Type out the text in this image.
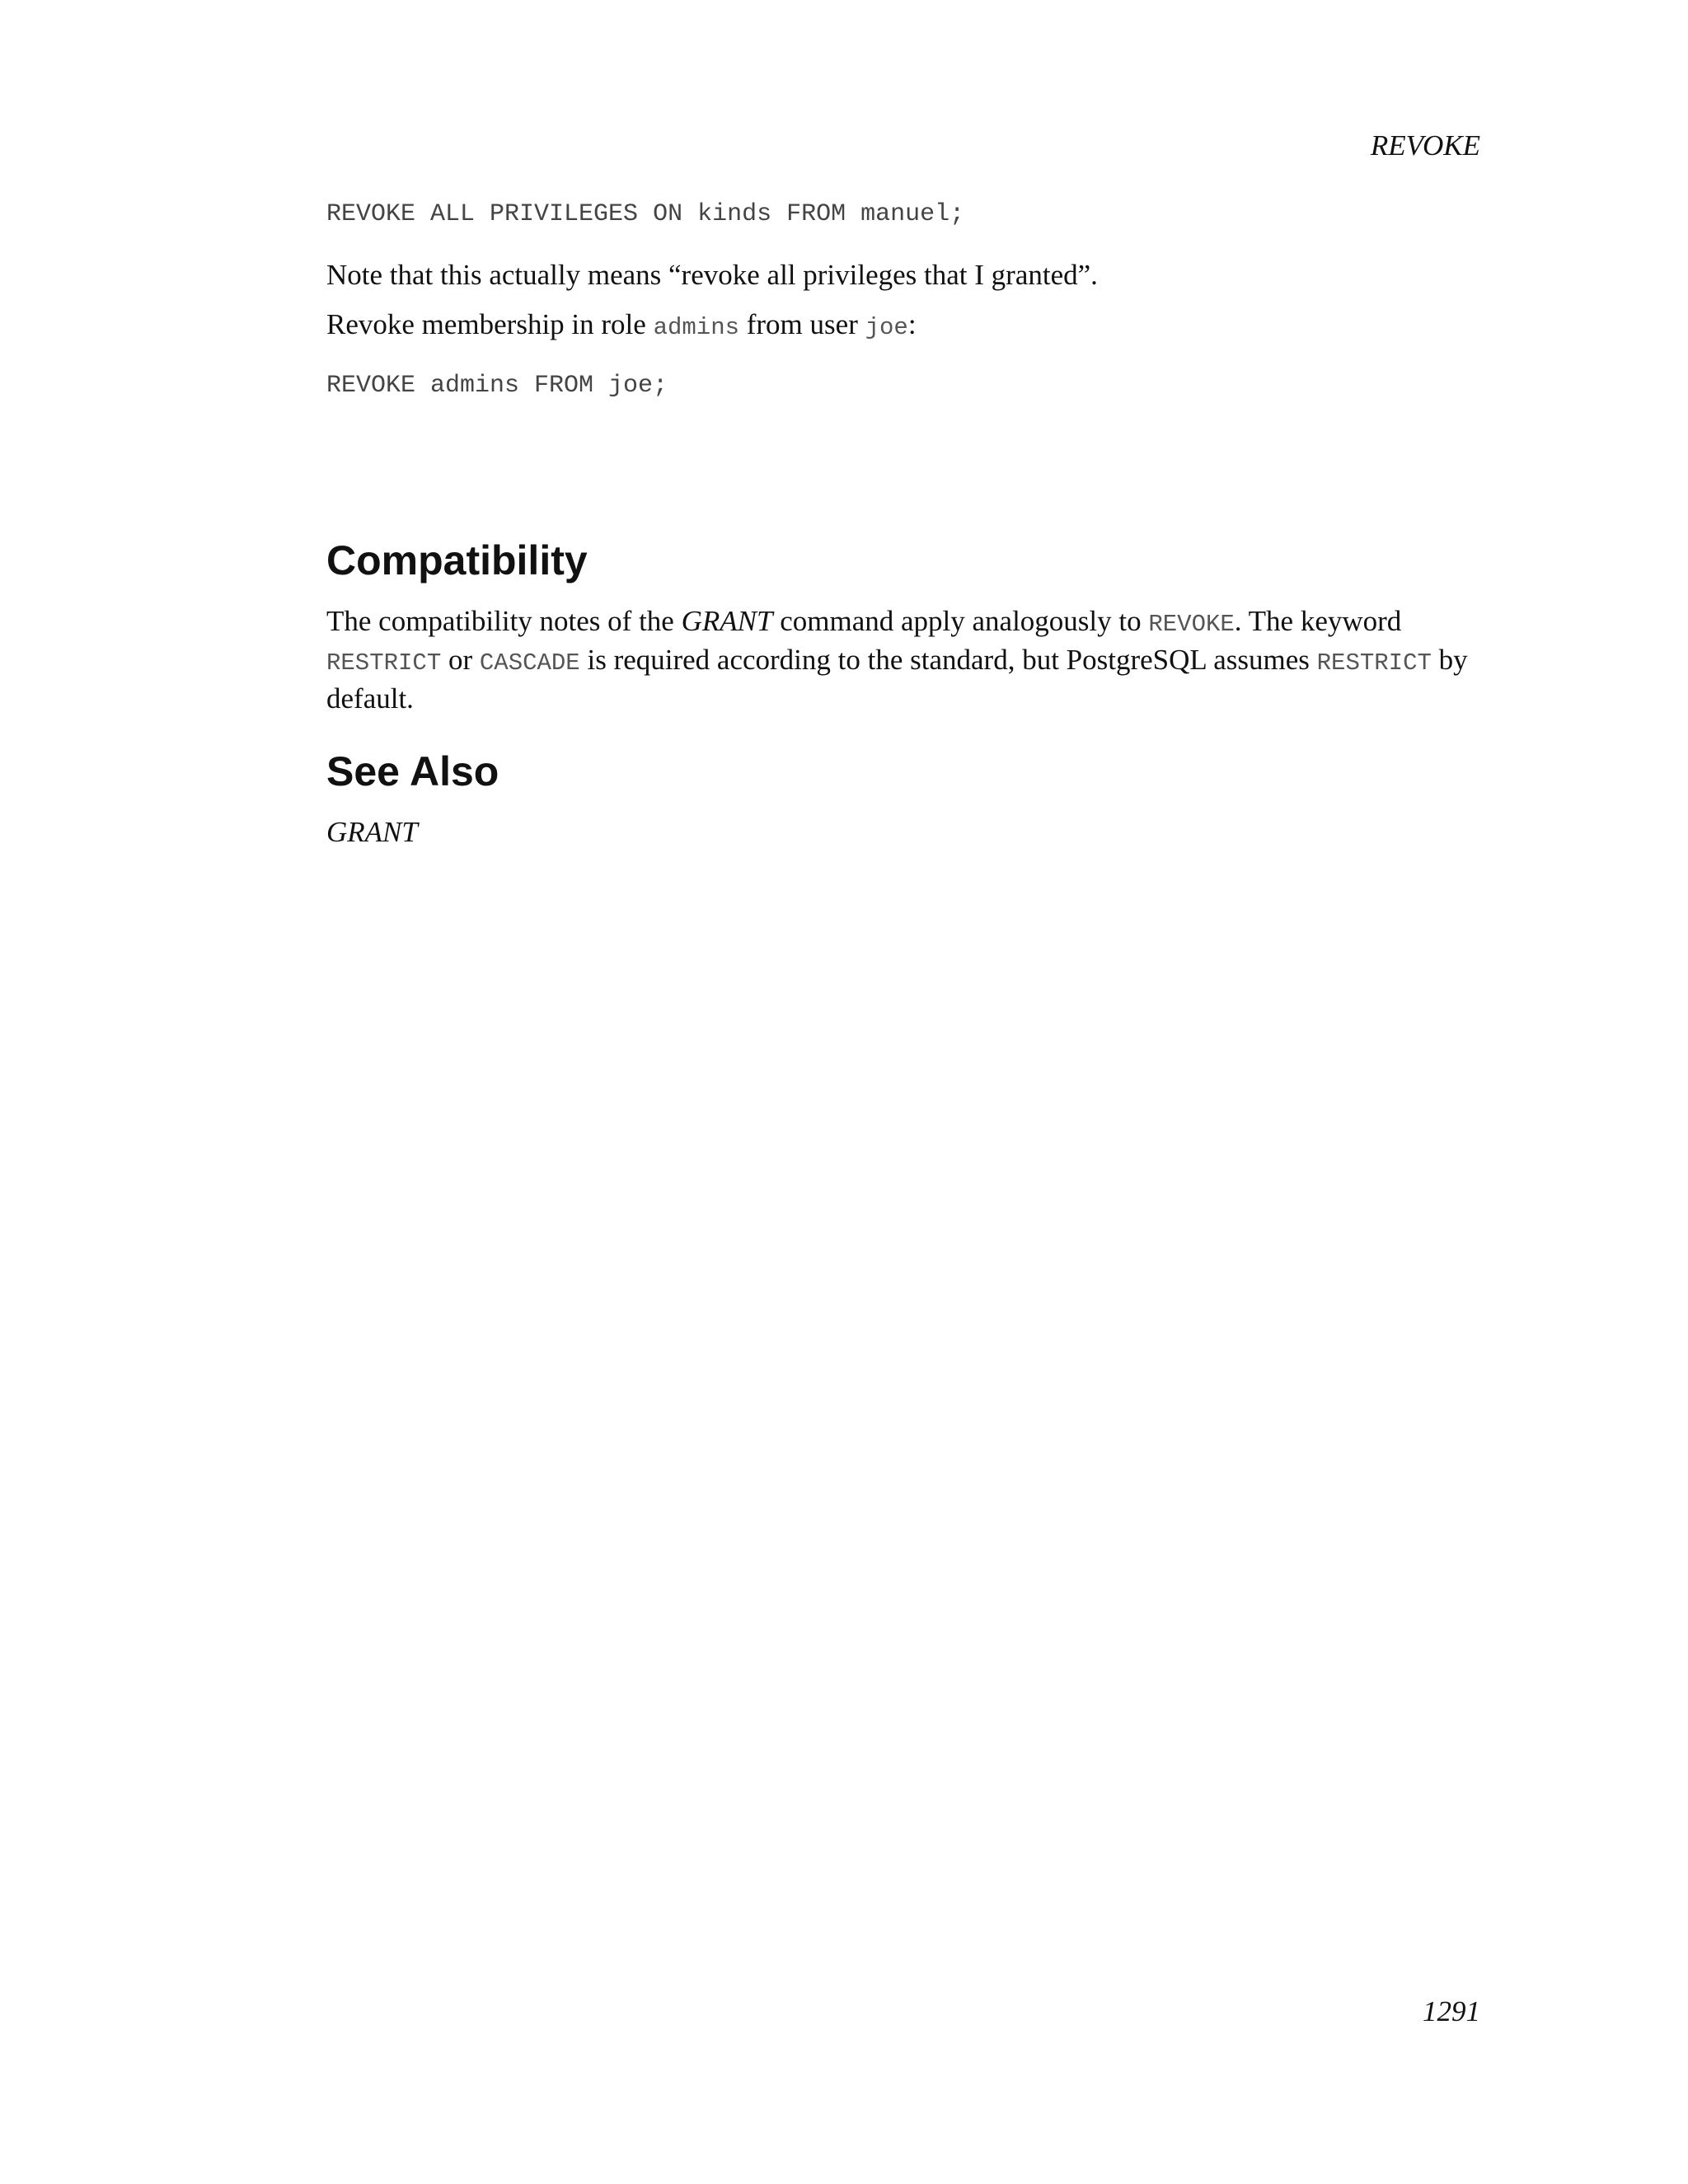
REVOKE
REVOKE ALL PRIVILEGES ON kinds FROM manuel;
Note that this actually means “revoke all privileges that I granted”.
Revoke membership in role admins from user joe:
REVOKE admins FROM joe;
Compatibility
The compatibility notes of the GRANT command apply analogously to REVOKE. The keyword RESTRICT or CASCADE is required according to the standard, but PostgreSQL assumes RESTRICT by default.
See Also
GRANT
1291
